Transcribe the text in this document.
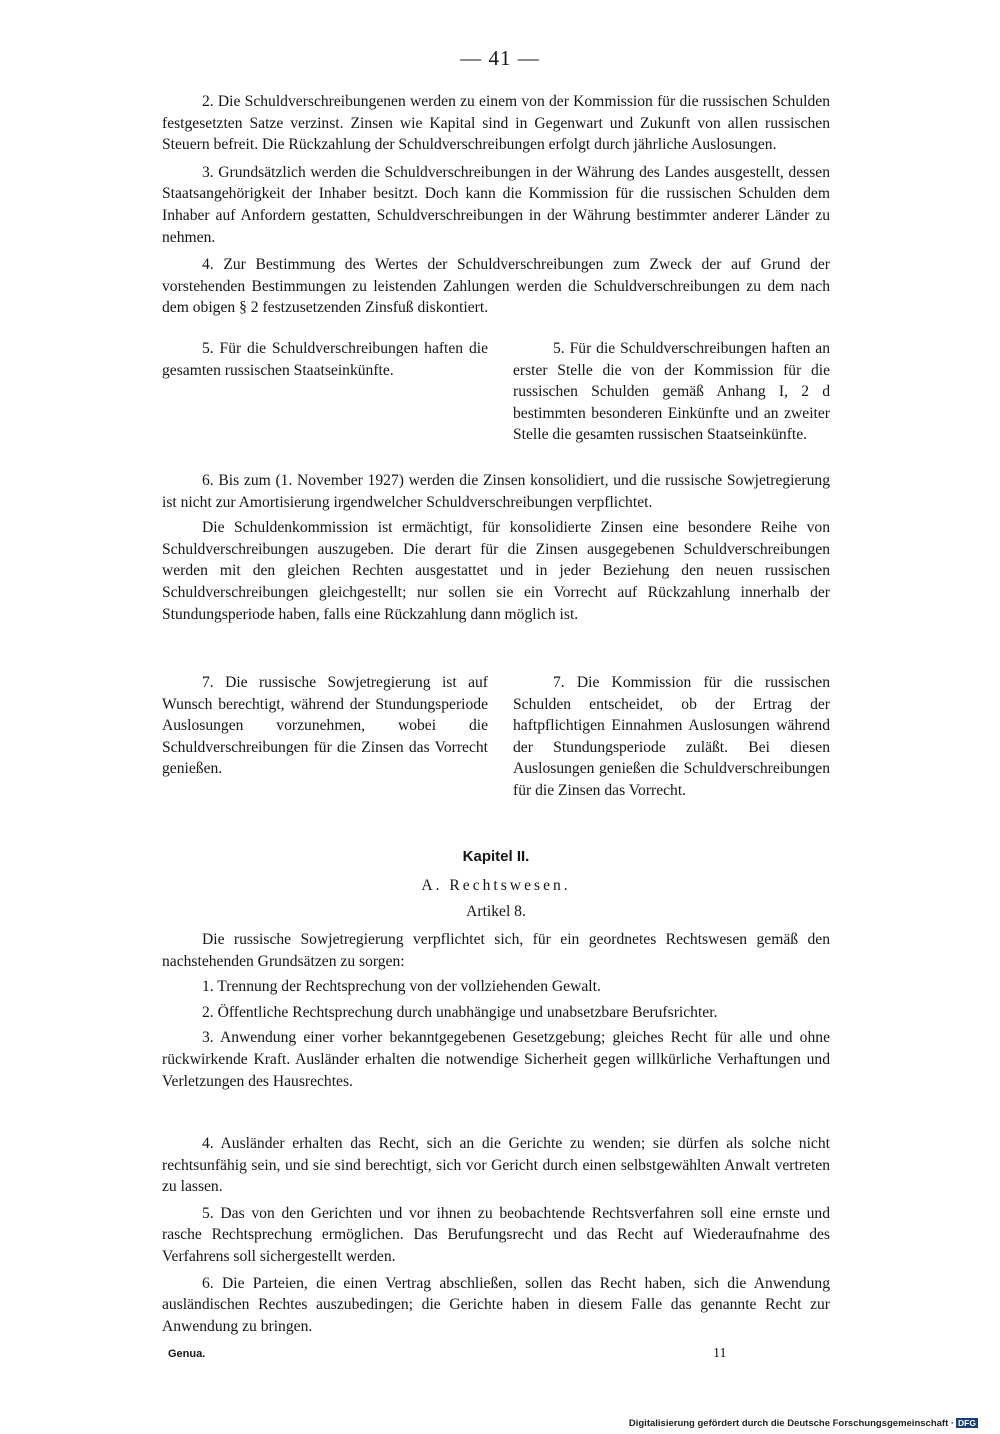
— 41 —

2. Die Schuldverschreibungenen werden zu einem von der Kommission für die russischen Schulden festgesetzten Satze verzinst. Zinsen wie Kapital sind in Gegenwart und Zukunft von allen russischen Steuern befreit. Die Rückzahlung der Schuldverschreibungen erfolgt durch jährliche Auslosungen.

3. Grundsätzlich werden die Schuldverschreibungen in der Währung des Landes ausgestellt, dessen Staatsangehörigkeit der Inhaber besitzt. Doch kann die Kommission für die russischen Schulden dem Inhaber auf Anfordern gestatten, Schuldverschreibungen in der Währung bestimmter anderer Länder zu nehmen.

4. Zur Bestimmung des Wertes der Schuldverschreibungen zum Zweck der auf Grund der vorstehenden Bestimmungen zu leistenden Zahlungen werden die Schuldverschreibungen zu dem nach dem obigen § 2 festzusetzenden Zinsfuß diskontiert.

5. Für die Schuldverschreibungen haften die gesamten russischen Staatseinkünfte.

5. Für die Schuldverschreibungen haften an erster Stelle die von der Kommission für die russischen Schulden gemäß Anhang I, 2 d bestimmten besonderen Einkünfte und an zweiter Stelle die gesamten russischen Staatseinkünfte.

6. Bis zum (1. November 1927) werden die Zinsen konsolidiert, und die russische Sowjetregierung ist nicht zur Amortisierung irgendwelcher Schuldverschreibungen verpflichtet.

Die Schuldenkommission ist ermächtigt, für konsolidierte Zinsen eine besondere Reihe von Schuldverschreibungen auszugeben. Die derart für die Zinsen ausgegebenen Schuldverschreibungen werden mit den gleichen Rechten ausgestattet und in jeder Beziehung den neuen russischen Schuldverschreibungen gleichgestellt; nur sollen sie ein Vorrecht auf Rückzahlung innerhalb der Stundungsperiode haben, falls eine Rückzahlung dann möglich ist.

7. Die russische Sowjetregierung ist auf Wunsch berechtigt, während der Stundungsperiode Auslosungen vorzunehmen, wobei die Schuldverschreibungen für die Zinsen das Vorrecht genießen.

7. Die Kommission für die russischen Schulden entscheidet, ob der Ertrag der haftpflichtigen Einnahmen Auslosungen während der Stundungsperiode zuläßt. Bei diesen Auslosungen genießen die Schuldverschreibungen für die Zinsen das Vorrecht.

Kapitel II.
A. Rechtswesen.
Artikel 8.

Die russische Sowjetregierung verpflichtet sich, für ein geordnetes Rechtswesen gemäß den nachstehenden Grundsätzen zu sorgen:

1. Trennung der Rechtsprechung von der vollziehenden Gewalt.

2. Öffentliche Rechtsprechung durch unabhängige und unabsetzbare Berufsrichter.

3. Anwendung einer vorher bekanntgegebenen Gesetzgebung; gleiches Recht für alle und ohne rückwirkende Kraft. Ausländer erhalten die notwendige Sicherheit gegen willkürliche Verhaftungen und Verletzungen des Hausrechtes.

4. Ausländer erhalten das Recht, sich an die Gerichte zu wenden; sie dürfen als solche nicht rechtsunfähig sein, und sie sind berechtigt, sich vor Gericht durch einen selbstgewählten Anwalt vertreten zu lassen.

5. Das von den Gerichten und vor ihnen zu beobachtende Rechtsverfahren soll eine ernste und rasche Rechtsprechung ermöglichen. Das Berufungsrecht und das Recht auf Wiederaufnahme des Verfahrens soll sichergestellt werden.

6. Die Parteien, die einen Vertrag abschließen, sollen das Recht haben, sich die Anwendung ausländischen Rechtes auszubedingen; die Gerichte haben in diesem Falle das genannte Recht zur Anwendung zu bringen.

Genua.	11
Digitalisierung gefördert durch die Deutsche Forschungsgemeinschaft · DFG
